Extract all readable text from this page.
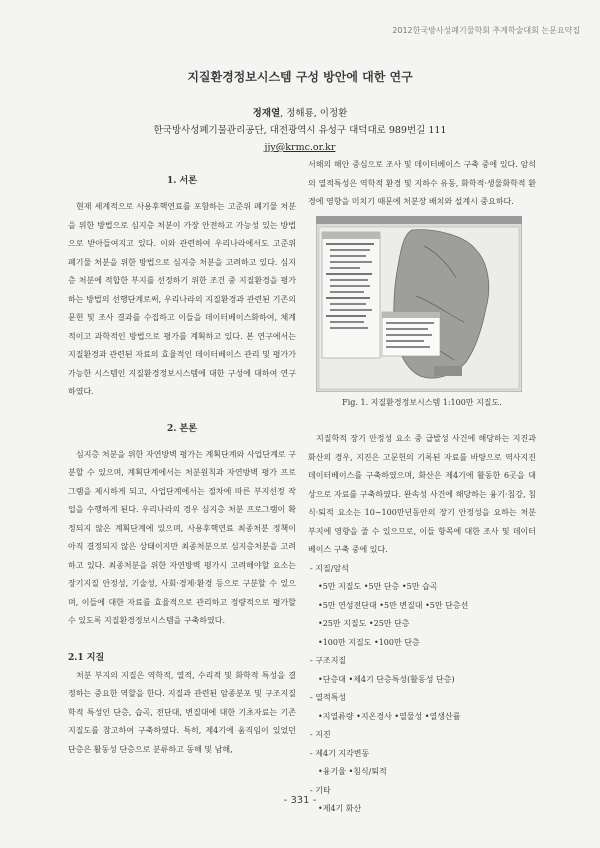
2012한국방사성폐기물학회 추계학술대회 논문요약집
지질환경정보시스템 구성 방안에 대한 연구
정재열, 정해룡, 이정환
한국방사성폐기물관리공단, 대전광역시 유성구 대덕대로 989번길 111
jjy@krmc.or.kr
1. 서론

현재 세계적으로 사용후핵연료를 포함하는 고준위 폐기물 처분을 위한 방법으로 심지층 처분이 가장 안전하고 가능성 있는 방법으로 받아들여지고 있다. 이와 관련하여 우리나라에서도 고준위 폐기물 처분을 위한 방법으로 심지층 처분을 고려하고 있다. 심지층 처분에 적합한 부지를 선정하기 위한 조건 중 지질환경을 평가하는 방법의 선행단계로써, 우리나라의 지질환경과 관련된 기존의 문헌 및 조사 결과를 수집하고 이들을 데이터베이스화하여, 체계적이고 과학적인 방법으로 평가를 계획하고 있다. 본 연구에서는 지질환경과 관련된 자료의 효율적인 데이터베이스 관리 및 평가가 가능한 시스템인 지질환경정보시스템에 대한 구성에 대하여 연구하였다.

2. 본론

심지층 처분을 위한 자연방벽 평가는 계획단계와 사업단계로 구분할 수 있으며, 계획단계에서는 처분원칙과 자연방벽 평가 프로그램을 제시하게 되고, 사업단계에서는 절차에 따른 부지선정 작업을 수행하게 된다. 우리나라의 경우 심지층 처분 프로그램이 확정되지 않은 계획단계에 있으며, 사용후핵연료 최종처분 정책이 아직 결정되지 않은 상태이지만 최종처분으로 심지층처분을 고려하고 있다. 최종처분을 위한 자연방벽 평가시 고려해야할 요소는 장기지질 안정성, 기술성, 사회·경제·환경 등으로 구분할 수 있으며, 이들에 대한 자료를 효율적으로 관리하고 정량적으로 평가할 수 있도록 지질환경정보시스템을 구축하였다.

2.1 지질

처분 부지의 지질은 역학적, 열적, 수리적 및 화학적 특성을 결정하는 중요한 역할을 한다. 지질과 관련된 암종분포 및 구조지질학적 특성인 단층, 습곡, 전단대, 변질대에 대한 기초자료는 기존 지질도를 참고하여 구축하였다. 특히, 제4기에 움직임이 있었던 단층은 활동성 단층으로 분류하고 동해 및 남해,

서해의 해안 중심으로 조사 및 데이터베이스 구축 중에 있다. 암석의 열적특성은 역학적 환경 및 지하수 유동, 화학적·생물화학적 환경에 영향을 미치기 때문에 처분장 배치와 설계시 중요하다.

Fig. 1. 지질환경정보시스템 1:100만 지질도.

지질학적 장기 안정성 요소 중 급발성 사건에 해당하는 지진과 화산의 경우, 지진은 고문헌의 기록된 자료를 바탕으로 역사지진 데이터베이스를 구축하였으며, 화산은 제4기에 활동한 6곳을 대상으로 자료를 구축하였다. 완속성 사건에 해당하는 융기·침강, 침식·퇴적 요소는 10∼100만년동안의 장기 안정성을 요하는 처분 부지에 영향을 줄 수 있으므로, 이들 항목에 대한 조사 및 데이터베이스 구축 중에 있다.

- 지질/암석
•5만 지질도 •5만 단층 •5만 습곡
•5만 연성전단대 •5만 변질대 •5만 단층선
•25만 지질도 •25만 단층
•100만 지질도 •100만 단층
- 구조지질
•단층대 •제4기 단층특성(활동성 단층)
- 열적특성
•지열류량 •지온경사 •열물성 •열생산률
- 지진
- 제4기 지각변동
•융기율 •침식/퇴적
- 기타
•제4기 화산
- 331 -
